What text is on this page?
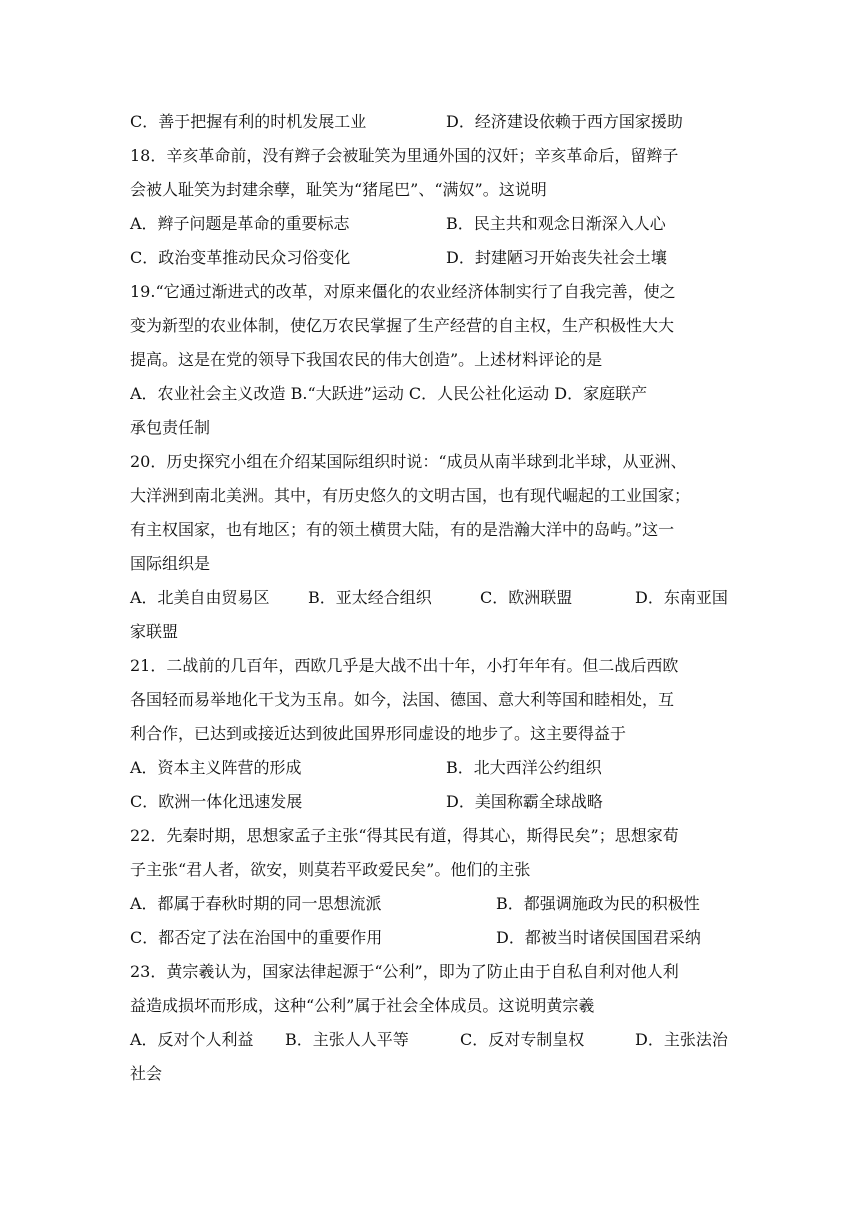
C．善于把握有利的时机发展工业	D．经济建设依赖于西方国家援助
18．辛亥革命前，没有辫子会被耻笑为里通外国的汉奸；辛亥革命后，留辫子
会被人耻笑为封建余孽，耻笑为“猪尾巴”、“满奴”。这说明
A．辫子问题是革命的重要标志	B．民主共和观念日渐深入人心
C．政治变革推动民众习俗变化	D．封建陋习开始丧失社会土壤
19.“它通过渐进式的改革，对原来僵化的农业经济体制实行了自我完善，使之
变为新型的农业体制，使亿万农民掌握了生产经营的自主权，生产积极性大大
提高。这是在党的领导下我国农民的伟大创造”。上述材料评论的是
A．农业社会主义改造 B.“大跃进”运动 C．人民公社化运动 D．家庭联产
承包责任制
20．历史探究小组在介绍某国际组织时说：“成员从南半球到北半球，从亚洲、
大洋洲到南北美洲。其中，有历史悠久的文明古国，也有现代崛起的工业国家；
有主权国家，也有地区；有的领土横贯大陆，有的是浩瀚大洋中的岛屿。”这一
国际组织是
A．北美自由贸易区 B．亚太经合组织	C．欧洲联盟	D．东南亚国
家联盟
21．二战前的几百年，西欧几乎是大战不出十年，小打年年有。但二战后西欧
各国轻而易举地化干戈为玉帛。如今，法国、德国、意大利等国和睦相处，互
利合作，已达到或接近达到彼此国界形同虚设的地步了。这主要得益于
A．资本主义阵营的形成	B．北大西洋公约组织
C．欧洲一体化迅速发展	D．美国称霸全球战略
22．先秦时期，思想家孟子主张“得其民有道，得其心，斯得民矣”；思想家荀
子主张“君人者，欲安，则莫若平政爱民矣”。他们的主张
A．都属于春秋时期的同一思想流派	B．都强调施政为民的积极性
C．都否定了法在治国中的重要作用	D．都被当时诸侯国国君采纳
23．黄宗羲认为，国家法律起源于“公利”，即为了防止由于自私自利对他人利
益造成损坏而形成，这种“公利”属于社会全体成员。这说明黄宗羲
A．反对个人利益 B．主张人人平等	C．反对专制皇权	D．主张法治
社会
